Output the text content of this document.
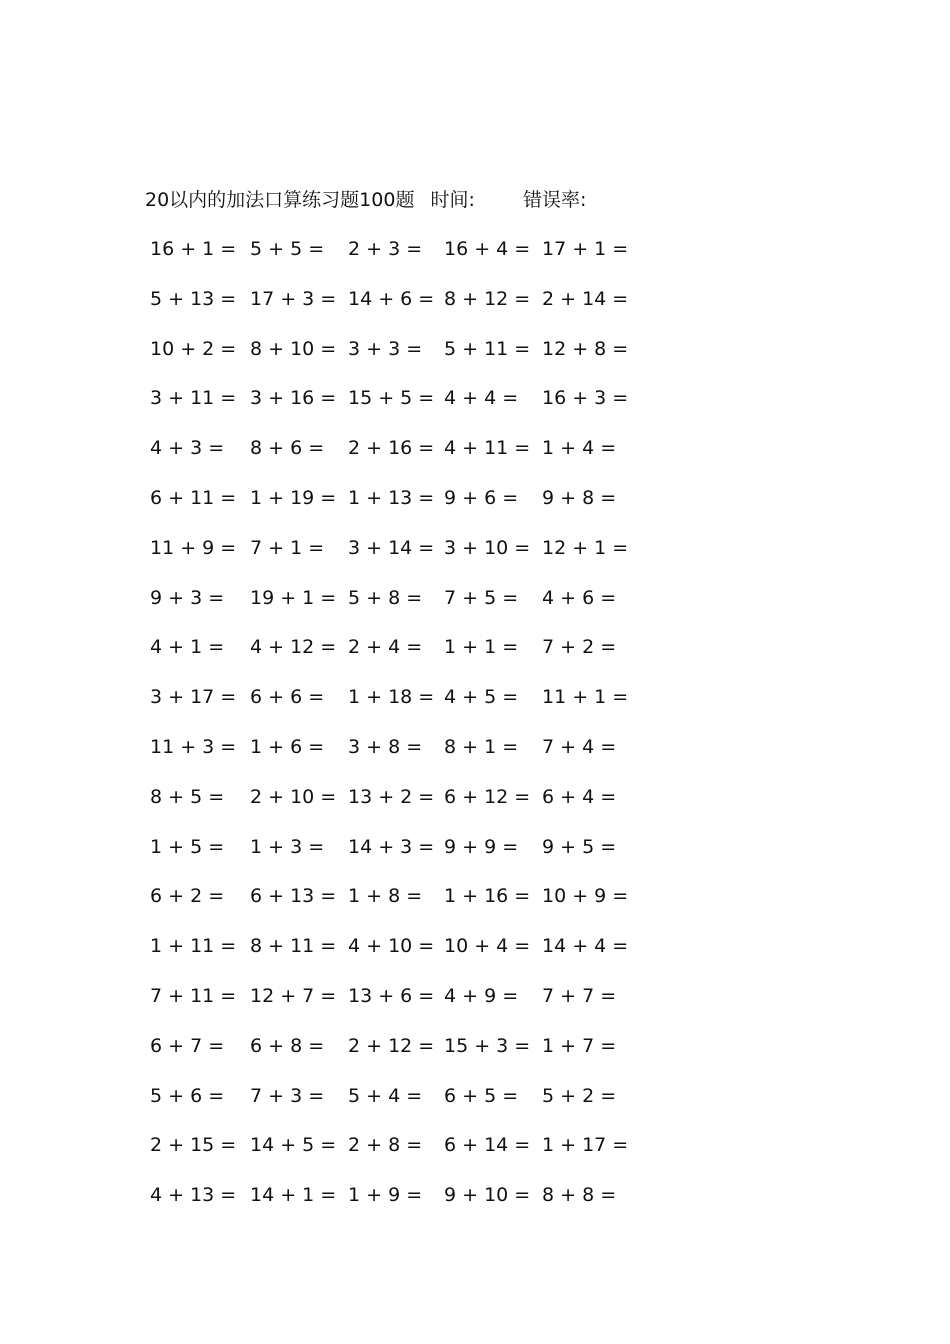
20以内的加法口算练习题100题 时间:	错误率:
16 + 1 = 5 + 5 = 2 + 3 = 16 + 4 = 17 + 1 =
5 + 13 = 17 + 3 = 14 + 6 = 8 + 12 = 2 + 14 =
10 + 2 = 8 + 10 = 3 + 3 = 5 + 11 = 12 + 8 =
3 + 11 = 3 + 16 = 15 + 5 = 4 + 4 = 16 + 3 =
4 + 3 = 8 + 6 = 2 + 16 = 4 + 11 = 1 + 4 =
6 + 11 = 1 + 19 = 1 + 13 = 9 + 6 = 9 + 8 =
11 + 9 = 7 + 1 = 3 + 14 = 3 + 10 = 12 + 1 =
9 + 3 = 19 + 1 = 5 + 8 = 7 + 5 = 4 + 6 =
4 + 1 = 4 + 12 = 2 + 4 = 1 + 1 = 7 + 2 =
3 + 17 = 6 + 6 = 1 + 18 = 4 + 5 = 11 + 1 =
11 + 3 = 1 + 6 = 3 + 8 = 8 + 1 = 7 + 4 =
8 + 5 = 2 + 10 = 13 + 2 = 6 + 12 = 6 + 4 =
1 + 5 = 1 + 3 = 14 + 3 = 9 + 9 = 9 + 5 =
6 + 2 = 6 + 13 = 1 + 8 = 1 + 16 = 10 + 9 =
1 + 11 = 8 + 11 = 4 + 10 = 10 + 4 = 14 + 4 =
7 + 11 = 12 + 7 = 13 + 6 = 4 + 9 = 7 + 7 =
6 + 7 = 6 + 8 = 2 + 12 = 15 + 3 = 1 + 7 =
5 + 6 = 7 + 3 = 5 + 4 = 6 + 5 = 5 + 2 =
2 + 15 = 14 + 5 = 2 + 8 = 6 + 14 = 1 + 17 =
4 + 13 = 14 + 1 = 1 + 9 = 9 + 10 = 8 + 8 =
